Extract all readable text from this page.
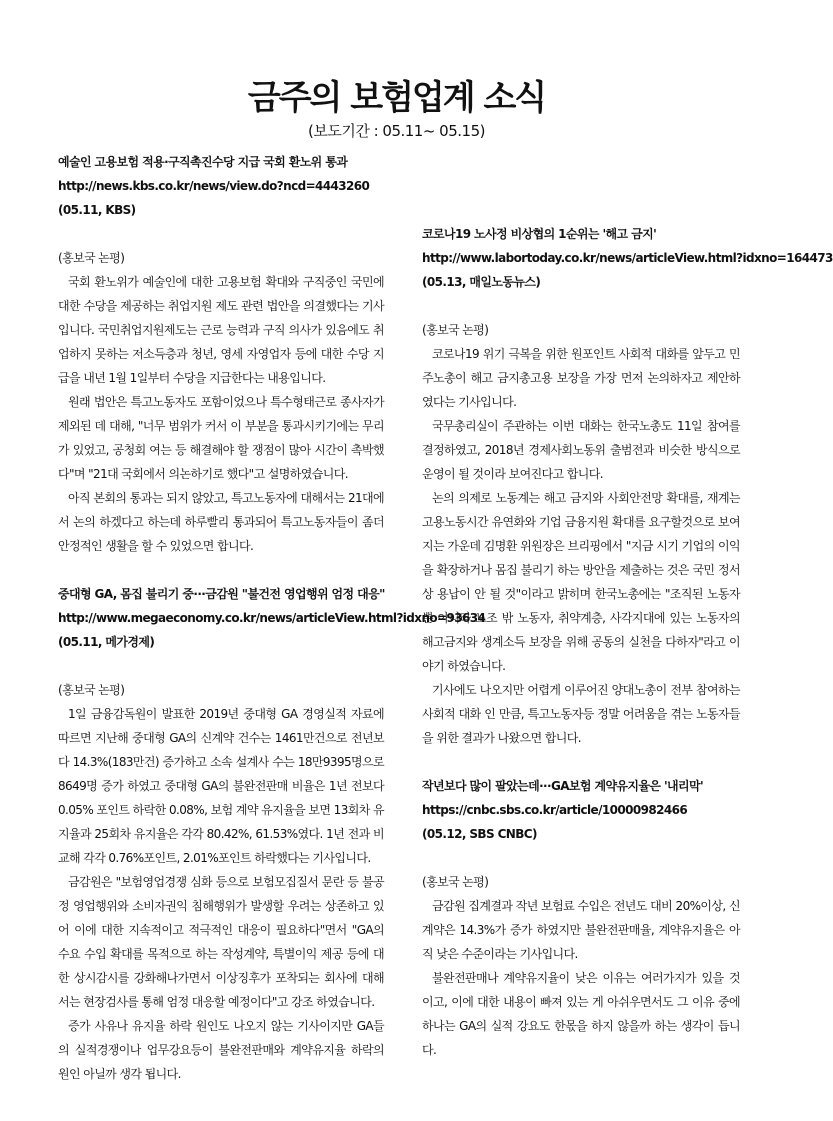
금주의 보험업계 소식
(보도기간 : 05.11~ 05.15)
예술인 고용보험 적용·구직촉진수당 지급 국회 환노위 통과
http://news.kbs.co.kr/news/view.do?ncd=4443260
(05.11, KBS)
(홍보국 논평)

국회 환노위가 예술인에 대한 고용보험 확대와 구직중인 국민에 대한 수당을 제공하는 취업지원 제도 관련 법안을 의결했다는 기사입니다. 국민취업지원제도는 근로 능력과 구직 의사가 있음에도 취업하지 못하는 저소득층과 청년, 영세 자영업자 등에 대한 수당 지급을 내년 1월 1일부터 수당을 지급한다는 내용입니다.

원래 법안은 특고노동자도 포함이었으나 특수형태근로 종사자가 제외된 데 대해, "너무 범위가 커서 이 부분을 통과시키기에는 무리가 있었고, 공청회 여는 등 해결해야 할 쟁점이 많아 시간이 촉박했다"며 "21대 국회에서 의논하기로 했다"고 설명하였습니다.

아직 본회의 통과는 되지 않았고, 특고노동자에 대해서는 21대에서 논의 하겠다고 하는데 하루빨리 통과되어 특고노동자들이 좀더 안정적인 생활을 할 수 있었으면 합니다.

중대형 GA, 몸집 불리기 중···금감원 "불건전 영업행위 엄정 대응"
http://www.megaeconomy.co.kr/news/articleView.html?idxno=93634
(05.11, 메가경제)
(홍보국 논평)

1일 금융감독원이 발표한 2019년 중대형 GA 경영실적 자료에 따르면 지난해 중대형 GA의 신계약 건수는 1461만건으로 전년보다 14.3%(183만건) 증가하고 소속 설계사 수는 18만9395명으로 8649명 증가 하였고 중대형 GA의 불완전판매 비율은 1년 전보다 0.05% 포인트 하락한 0.08%, 보험 계약 유지율을 보면 13회차 유지율과 25회차 유지율은 각각 80.42%, 61.53%였다. 1년 전과 비교해 각각 0.76%포인트, 2.01%포인트 하락했다는 기사입니다.

금감원은 "보험영업경쟁 심화 등으로 보험모집질서 문란 등 불공정 영업행위와 소비자권익 침해행위가 발생할 우려는 상존하고 있어 이에 대한 지속적이고 적극적인 대응이 필요하다"면서 "GA의 수요 수입 확대를 목적으로 하는 작성계약, 특별이익 제공 등에 대한 상시감시를 강화해나가면서 이상징후가 포착되는 회사에 대해서는 현장검사를 통해 엄정 대응할 예정이다"고 강조 하였습니다.

증가 사유나 유지율 하락 원인도 나오지 않는 기사이지만 GA들의 실적경쟁이나 업무강요등이 불완전판매와 계약유지율 하락의 원인 아닐까 생각 됩니다.

코로나19 노사정 비상협의 1순위는 '해고 금지'
http://www.labortoday.co.kr/news/articleView.html?idxno=164473
(05.13, 매일노동뉴스)
(홍보국 논평)

코로나19 위기 극복을 위한 원포인트 사회적 대화를 앞두고 민주노총이 해고 금지총고용 보장을 가장 먼저 논의하자고 제안하였다는 기사입니다.

국무총리실이 주관하는 이번 대화는 한국노총도 11일 참여를 결정하였고, 2018년 경제사회노동위 출범전과 비슷한 방식으로 운영이 될 것이라 보여진다고 합니다.

논의 의제로 노동계는 해고 금지와 사회안전망 확대를, 재계는 고용노동시간 유연화와 기업 금융지원 확대를 요구할것으로 보여지는 가운데 김명환 위원장은 브리핑에서 "지금 시기 기업의 이익을 확장하거나 몸집 불리기 하는 방안을 제출하는 것은 국민 정서상 용납이 안 될 것"이라고 밝히며 한국노총에는 "조직된 노동자뿐 아니라 노조 밖 노동자, 취약계층, 사각지대에 있는 노동자의 해고금지와 생계소득 보장을 위해 공동의 실천을 다하자"라고 이야기 하였습니다.

기사에도 나오지만 어렵게 이루어진 양대노총이 전부 참여하는 사회적 대화 인 만큼, 특고노동자등 정말 어려움을 겪는 노동자들을 위한 결과가 나왔으면 합니다.

작년보다 많이 팔았는데···GA보험 계약유지율은 '내리막'
https://cnbc.sbs.co.kr/article/10000982466
(05.12, SBS CNBC)
(홍보국 논평)

금감원 집계결과 작년 보험료 수입은 전년도 대비 20%이상, 신계약은 14.3%가 증가 하였지만 불완전판매율, 계약유지율은 아직 낮은 수준이라는 기사입니다.

불완전판매나 계약유지율이 낮은 이유는 여러가지가 있을 것 이고, 이에 대한 내용이 빠져 있는 게 아쉬우면서도 그 이유 중에 하나는 GA의 실적 강요도 한몫을 하지 않을까 하는 생각이 듭니다.
